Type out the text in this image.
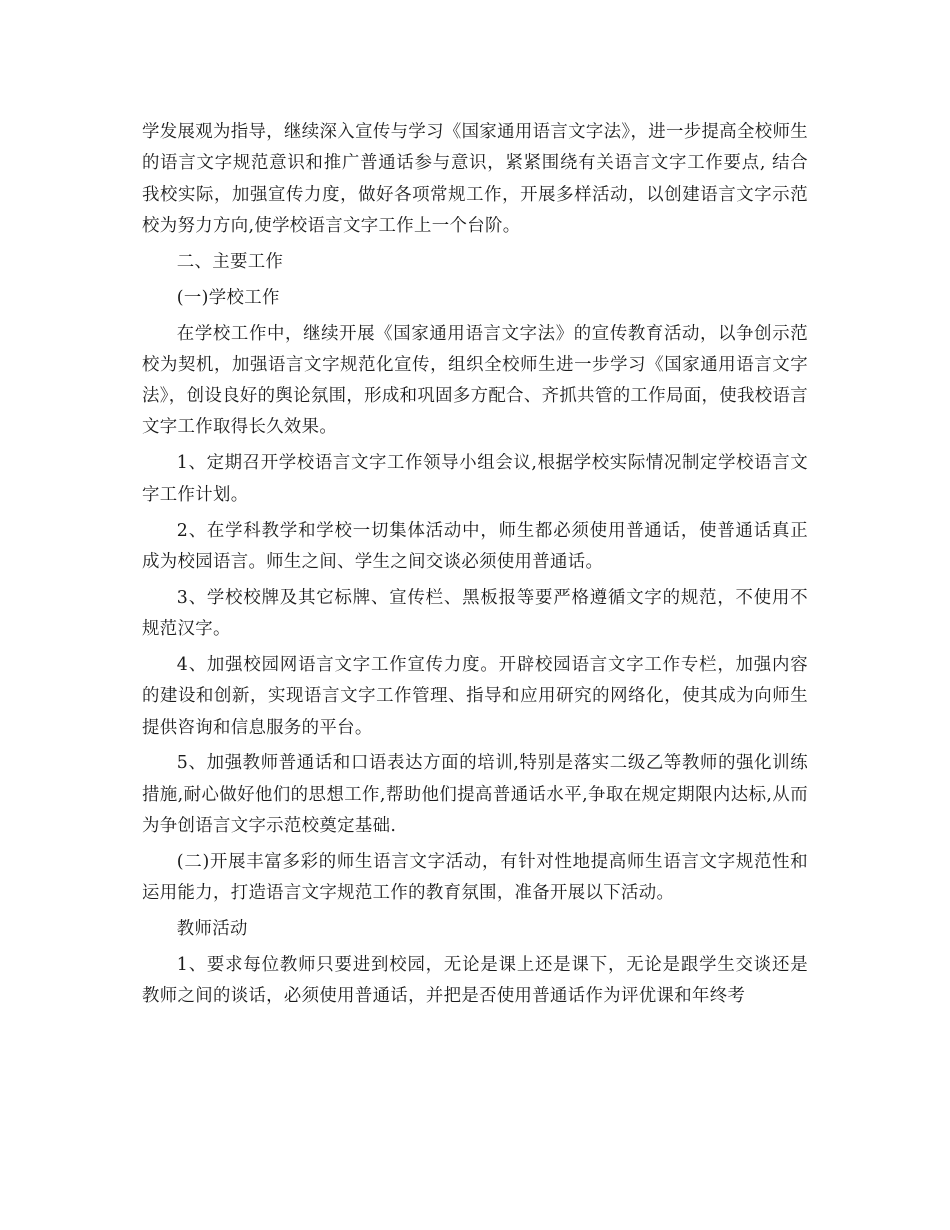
学发展观为指导，继续深入宣传与学习《国家通用语言文字法》，进一步提高全校师生的语言文字规范意识和推广普通话参与意识，紧紧围绕有关语言文字工作要点, 结合我校实际，加强宣传力度，做好各项常规工作，开展多样活动，以创建语言文字示范校为努力方向,使学校语言文字工作上一个台阶。

二、主要工作

(一)学校工作

在学校工作中，继续开展《国家通用语言文字法》的宣传教育活动，以争创示范校为契机，加强语言文字规范化宣传，组织全校师生进一步学习《国家通用语言文字法》，创设良好的舆论氛围，形成和巩固多方配合、齐抓共管的工作局面，使我校语言文字工作取得长久效果。

1、定期召开学校语言文字工作领导小组会议,根据学校实际情况制定学校语言文字工作计划。

2、在学科教学和学校一切集体活动中，师生都必须使用普通话，使普通话真正成为校园语言。师生之间、学生之间交谈必须使用普通话。

3、学校校牌及其它标牌、宣传栏、黑板报等要严格遵循文字的规范，不使用不规范汉字。

4、加强校园网语言文字工作宣传力度。开辟校园语言文字工作专栏，加强内容的建设和创新，实现语言文字工作管理、指导和应用研究的网络化，使其成为向师生提供咨询和信息服务的平台。

5、加强教师普通话和口语表达方面的培训,特别是落实二级乙等教师的强化训练措施,耐心做好他们的思想工作,帮助他们提高普通话水平,争取在规定期限内达标,从而为争创语言文字示范校奠定基础.

(二)开展丰富多彩的师生语言文字活动，有针对性地提高师生语言文字规范性和运用能力，打造语言文字规范工作的教育氛围，准备开展以下活动。

教师活动

1、要求每位教师只要进到校园，无论是课上还是课下，无论是跟学生交谈还是教师之间的谈话，必须使用普通话，并把是否使用普通话作为评优课和年终考
